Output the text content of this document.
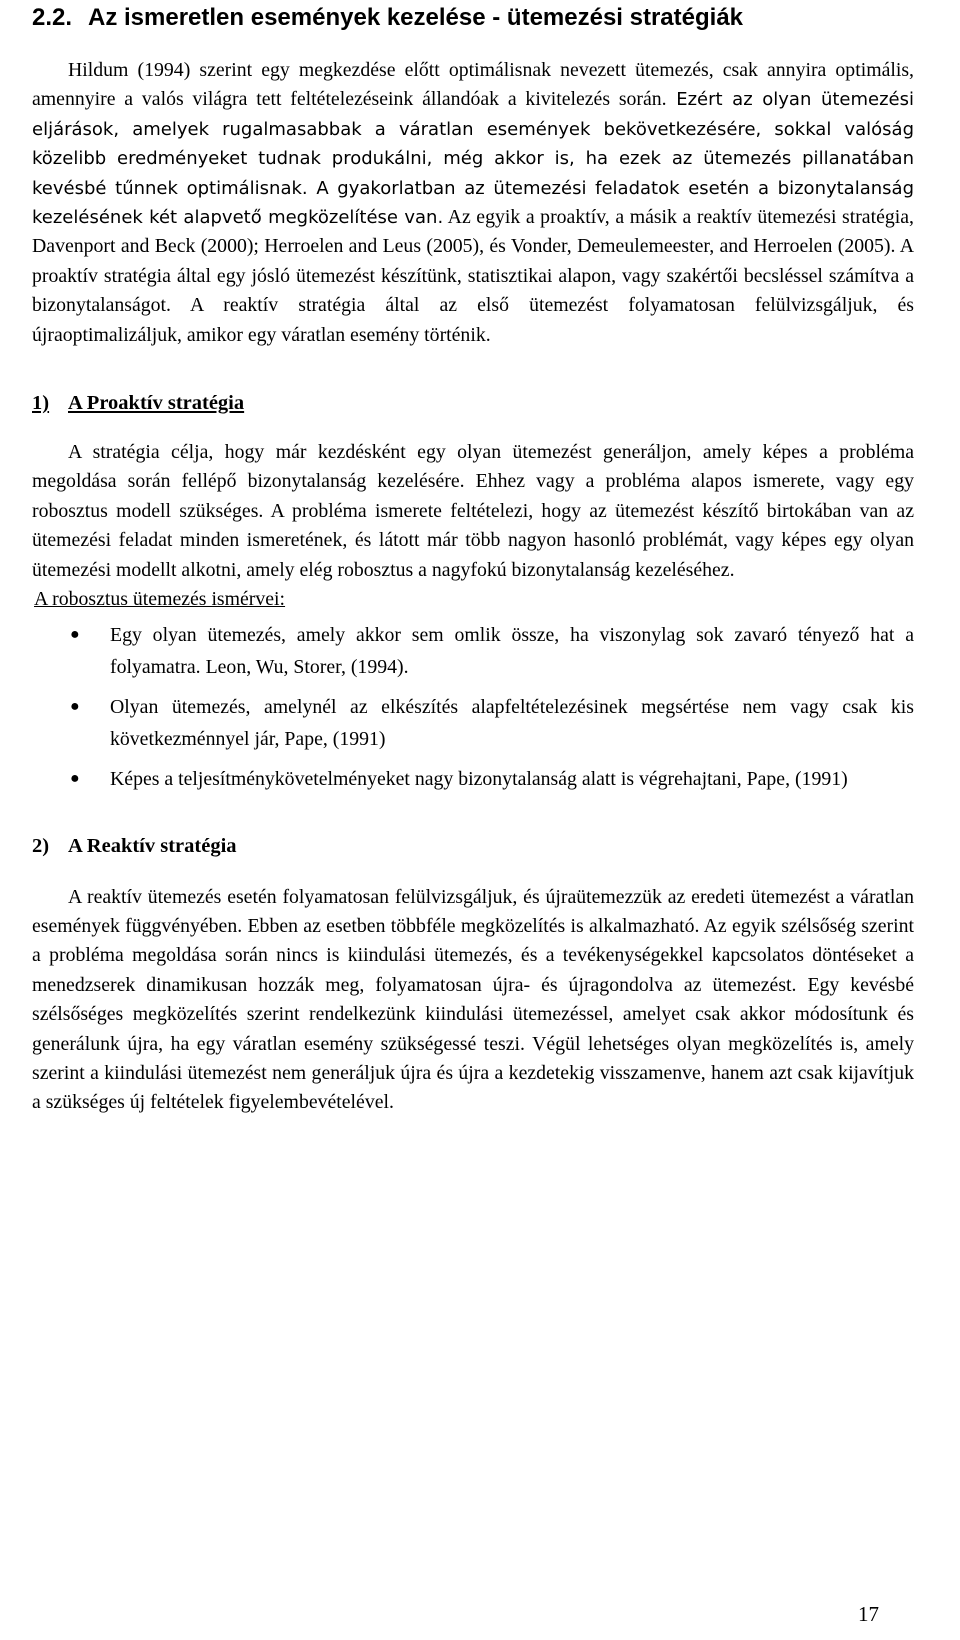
2.2. Az ismeretlen események kezelése - ütemezési stratégiák

Hildum (1994) szerint egy megkezdése előtt optimálisnak nevezett ütemezés, csak annyira optimális, amennyire a valós világra tett feltételezéseink állandóak a kivitelezés során. Ezért az olyan ütemezési eljárások, amelyek rugalmasabbak a váratlan események bekövetkezésére, sokkal valóság közelibb eredményeket tudnak produkálni, még akkor is, ha ezek az ütemezés pillanatában kevésbé tűnnek optimálisnak. A gyakorlatban az ütemezési feladatok esetén a bizonytalanság kezelésének két alapvető megközelítése van. Az egyik a proaktív, a másik a reaktív ütemezési stratégia, Davenport and Beck (2000); Herroelen and Leus (2005), és Vonder, Demeulemeester, and Herroelen (2005). A proaktív stratégia által egy jósló ütemezést készítünk, statisztikai alapon, vagy szakértői becsléssel számítva a bizonytalanságot. A reaktív stratégia által az első ütemezést folyamatosan felülvizsgáljuk, és újraoptimalizáljuk, amikor egy váratlan esemény történik.

1) A Proaktív stratégia

A stratégia célja, hogy már kezdésként egy olyan ütemezést generáljon, amely képes a probléma megoldása során fellépő bizonytalanság kezelésére. Ehhez vagy a probléma alapos ismerete, vagy egy robosztus modell szükséges. A probléma ismerete feltételezi, hogy az ütemezést készítő birtokában van az ütemezési feladat minden ismeretének, és látott már több nagyon hasonló problémát, vagy képes egy olyan ütemezési modellt alkotni, amely elég robosztus a nagyfokú bizonytalanság kezeléséhez.

A robosztus ütemezés ismérvei:

● Egy olyan ütemezés, amely akkor sem omlik össze, ha viszonylag sok zavaró tényező hat a folyamatra. Leon, Wu, Storer, (1994).
● Olyan ütemezés, amelynél az elkészítés alapfeltételezésinek megsértése nem vagy csak kis következménnyel jár, Pape, (1991)
● Képes a teljesítménykövetelményeket nagy bizonytalanság alatt is végrehajtani, Pape, (1991)
2) A Reaktív stratégia

A reaktív ütemezés esetén folyamatosan felülvizsgáljuk, és újraütemezzük az eredeti ütemezést a váratlan események függvényében. Ebben az esetben többféle megközelítés is alkalmazható. Az egyik szélsőség szerint a probléma megoldása során nincs is kiindulási ütemezés, és a tevékenységekkel kapcsolatos döntéseket a menedzserek dinamikusan hozzák meg, folyamatosan újra- és újragondolva az ütemezést. Egy kevésbé szélsőséges megközelítés szerint rendelkezünk kiindulási ütemezéssel, amelyet csak akkor módosítunk és generálunk újra, ha egy váratlan esemény szükségessé teszi. Végül lehetséges olyan megközelítés is, amely szerint a kiindulási ütemezést nem generáljuk újra és újra a kezdetekig visszamenve, hanem azt csak kijavítjuk a szükséges új feltételek figyelembevételével.

17
